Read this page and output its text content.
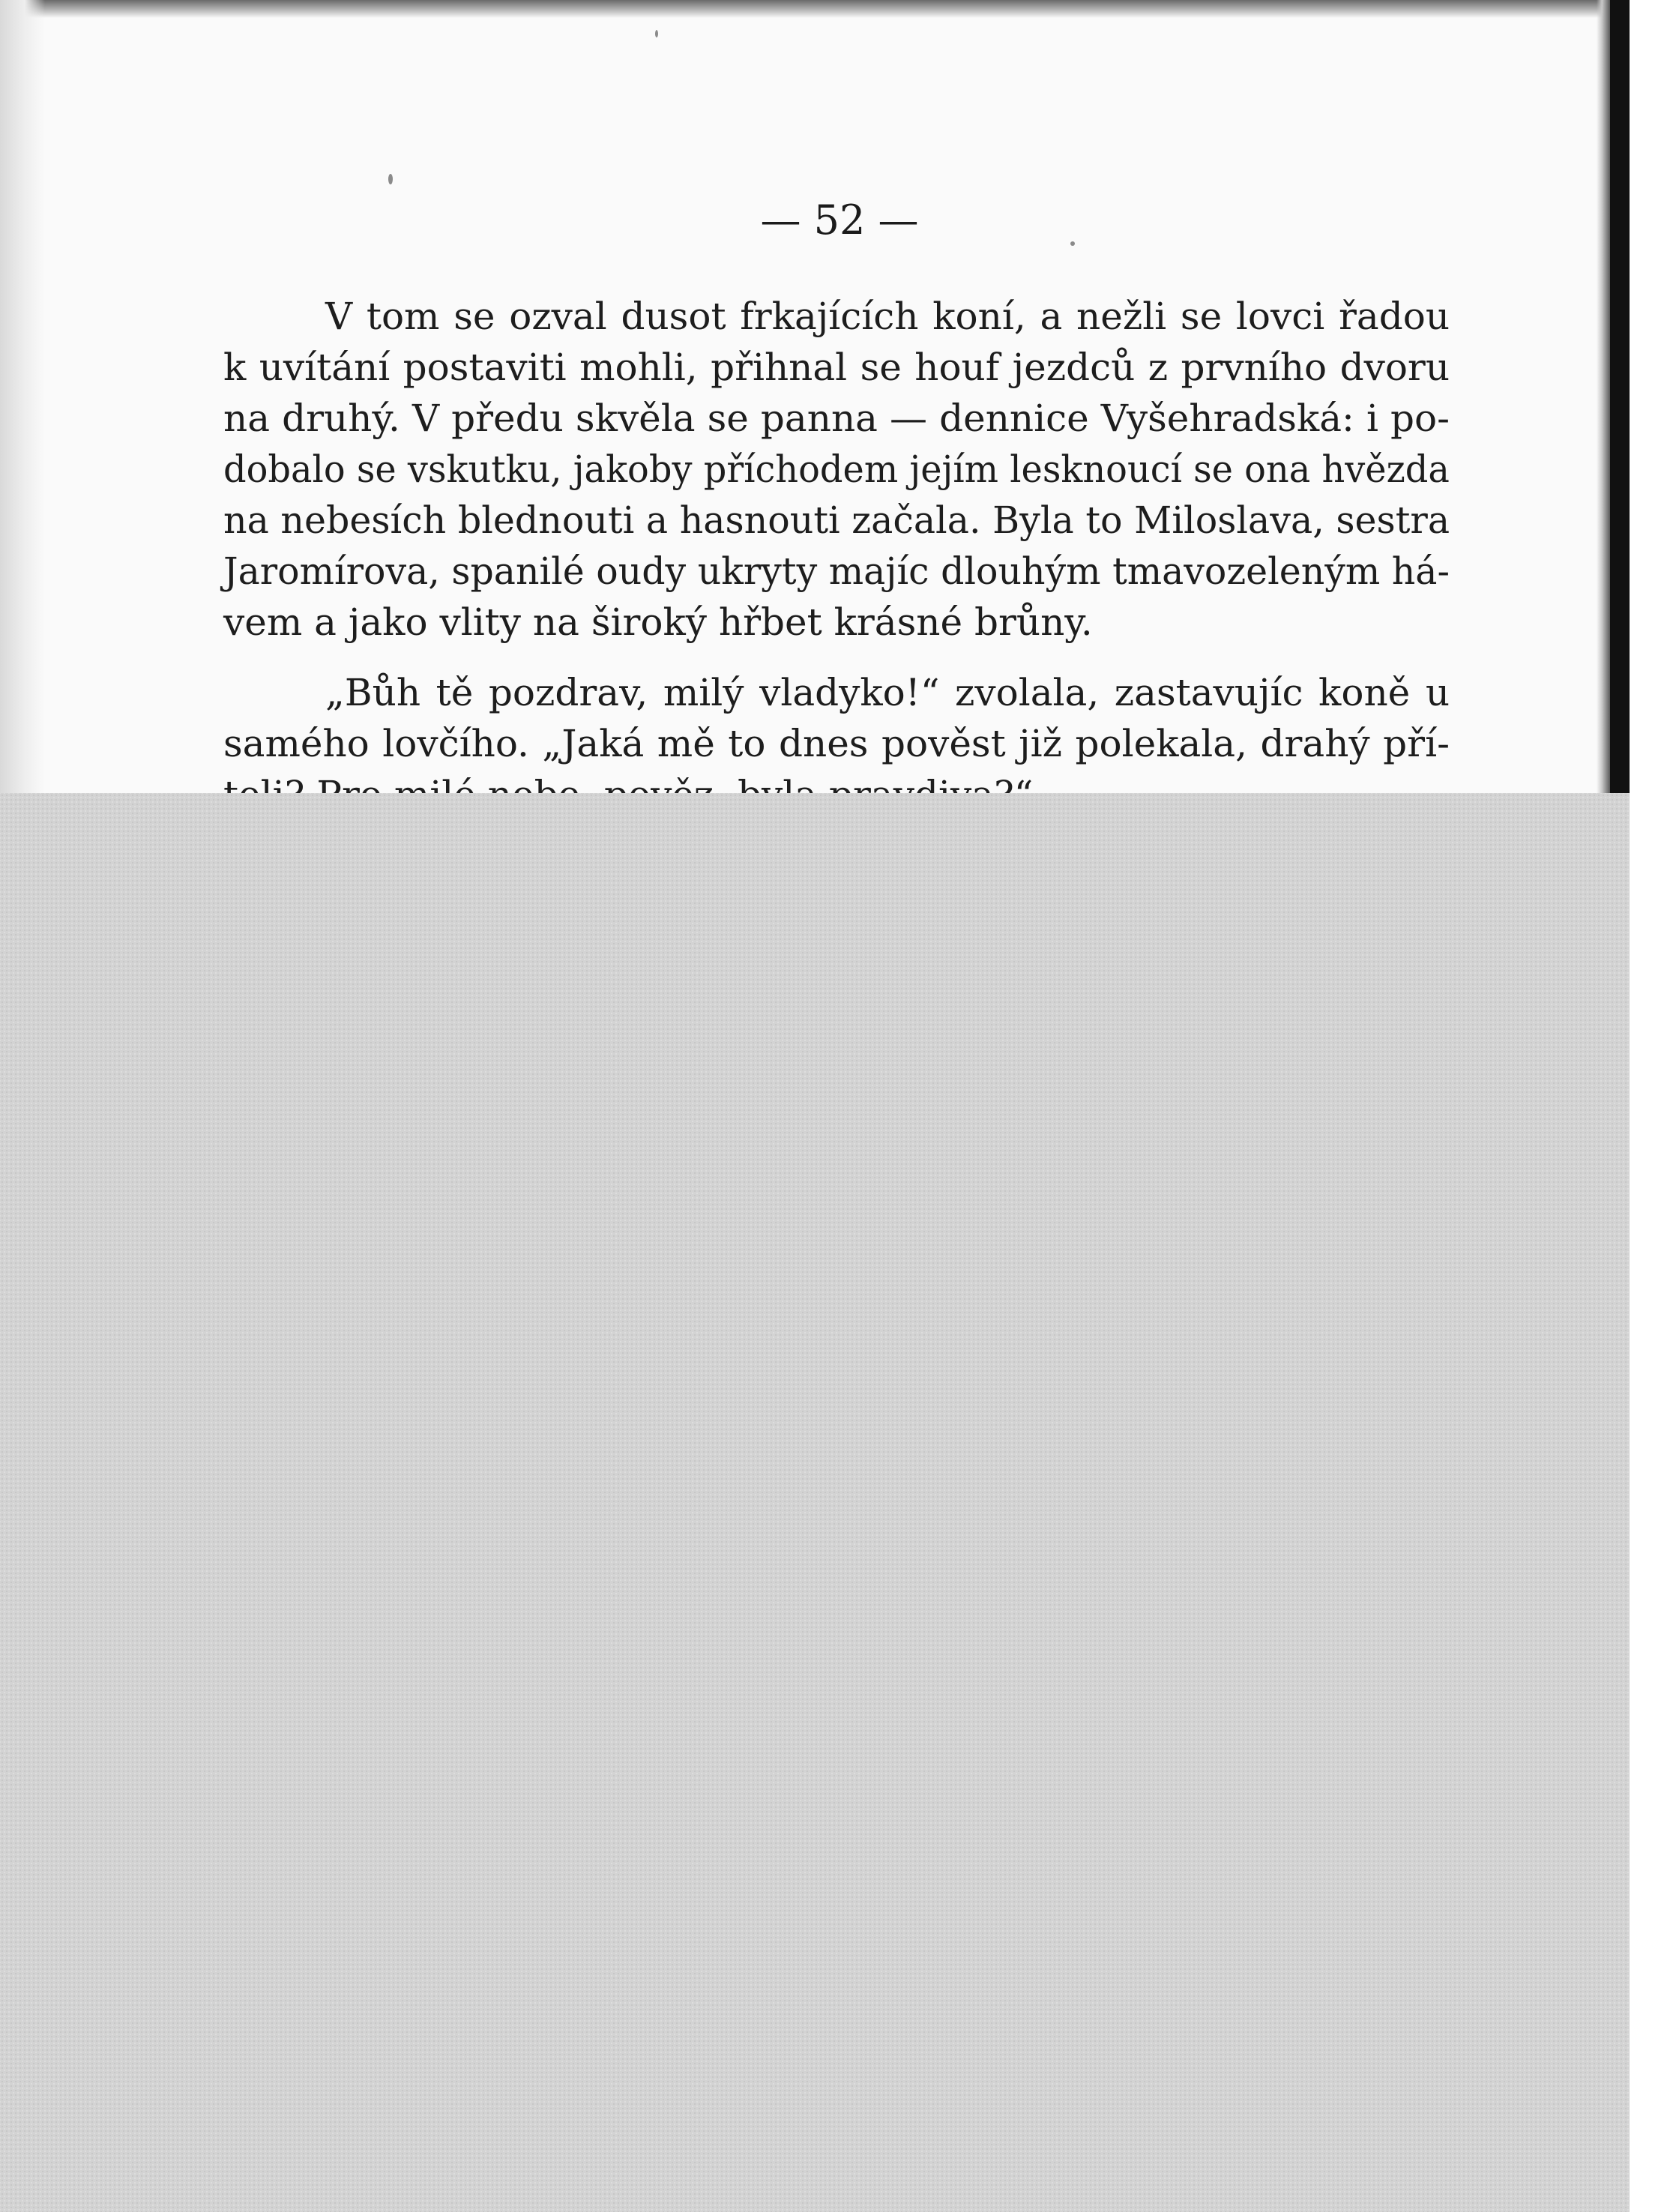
— 52 —
V tom se ozval dusot frkajících koní, a nežli se lovci řadou
k uvítání postaviti mohli, přihnal se houf jezdců z prvního dvoru
na druhý. V předu skvěla se panna — dennice Vyšehradská: i po-
dobalo se vskutku, jakoby příchodem jejím lesknoucí se ona hvězda
na nebesích blednouti a hasnouti začala. Byla to Miloslava, sestra
Jaromírova, spanilé oudy ukryty majíc dlouhým tmavozeleným há-
vem a jako vlity na široký hřbet krásné brůny.
„Bůh tě pozdrav, milý vladyko!“ zvolala, zastavujíc koně u
samého lovčího. „Jaká mě to dnes pověst již polekala, drahý pří-
